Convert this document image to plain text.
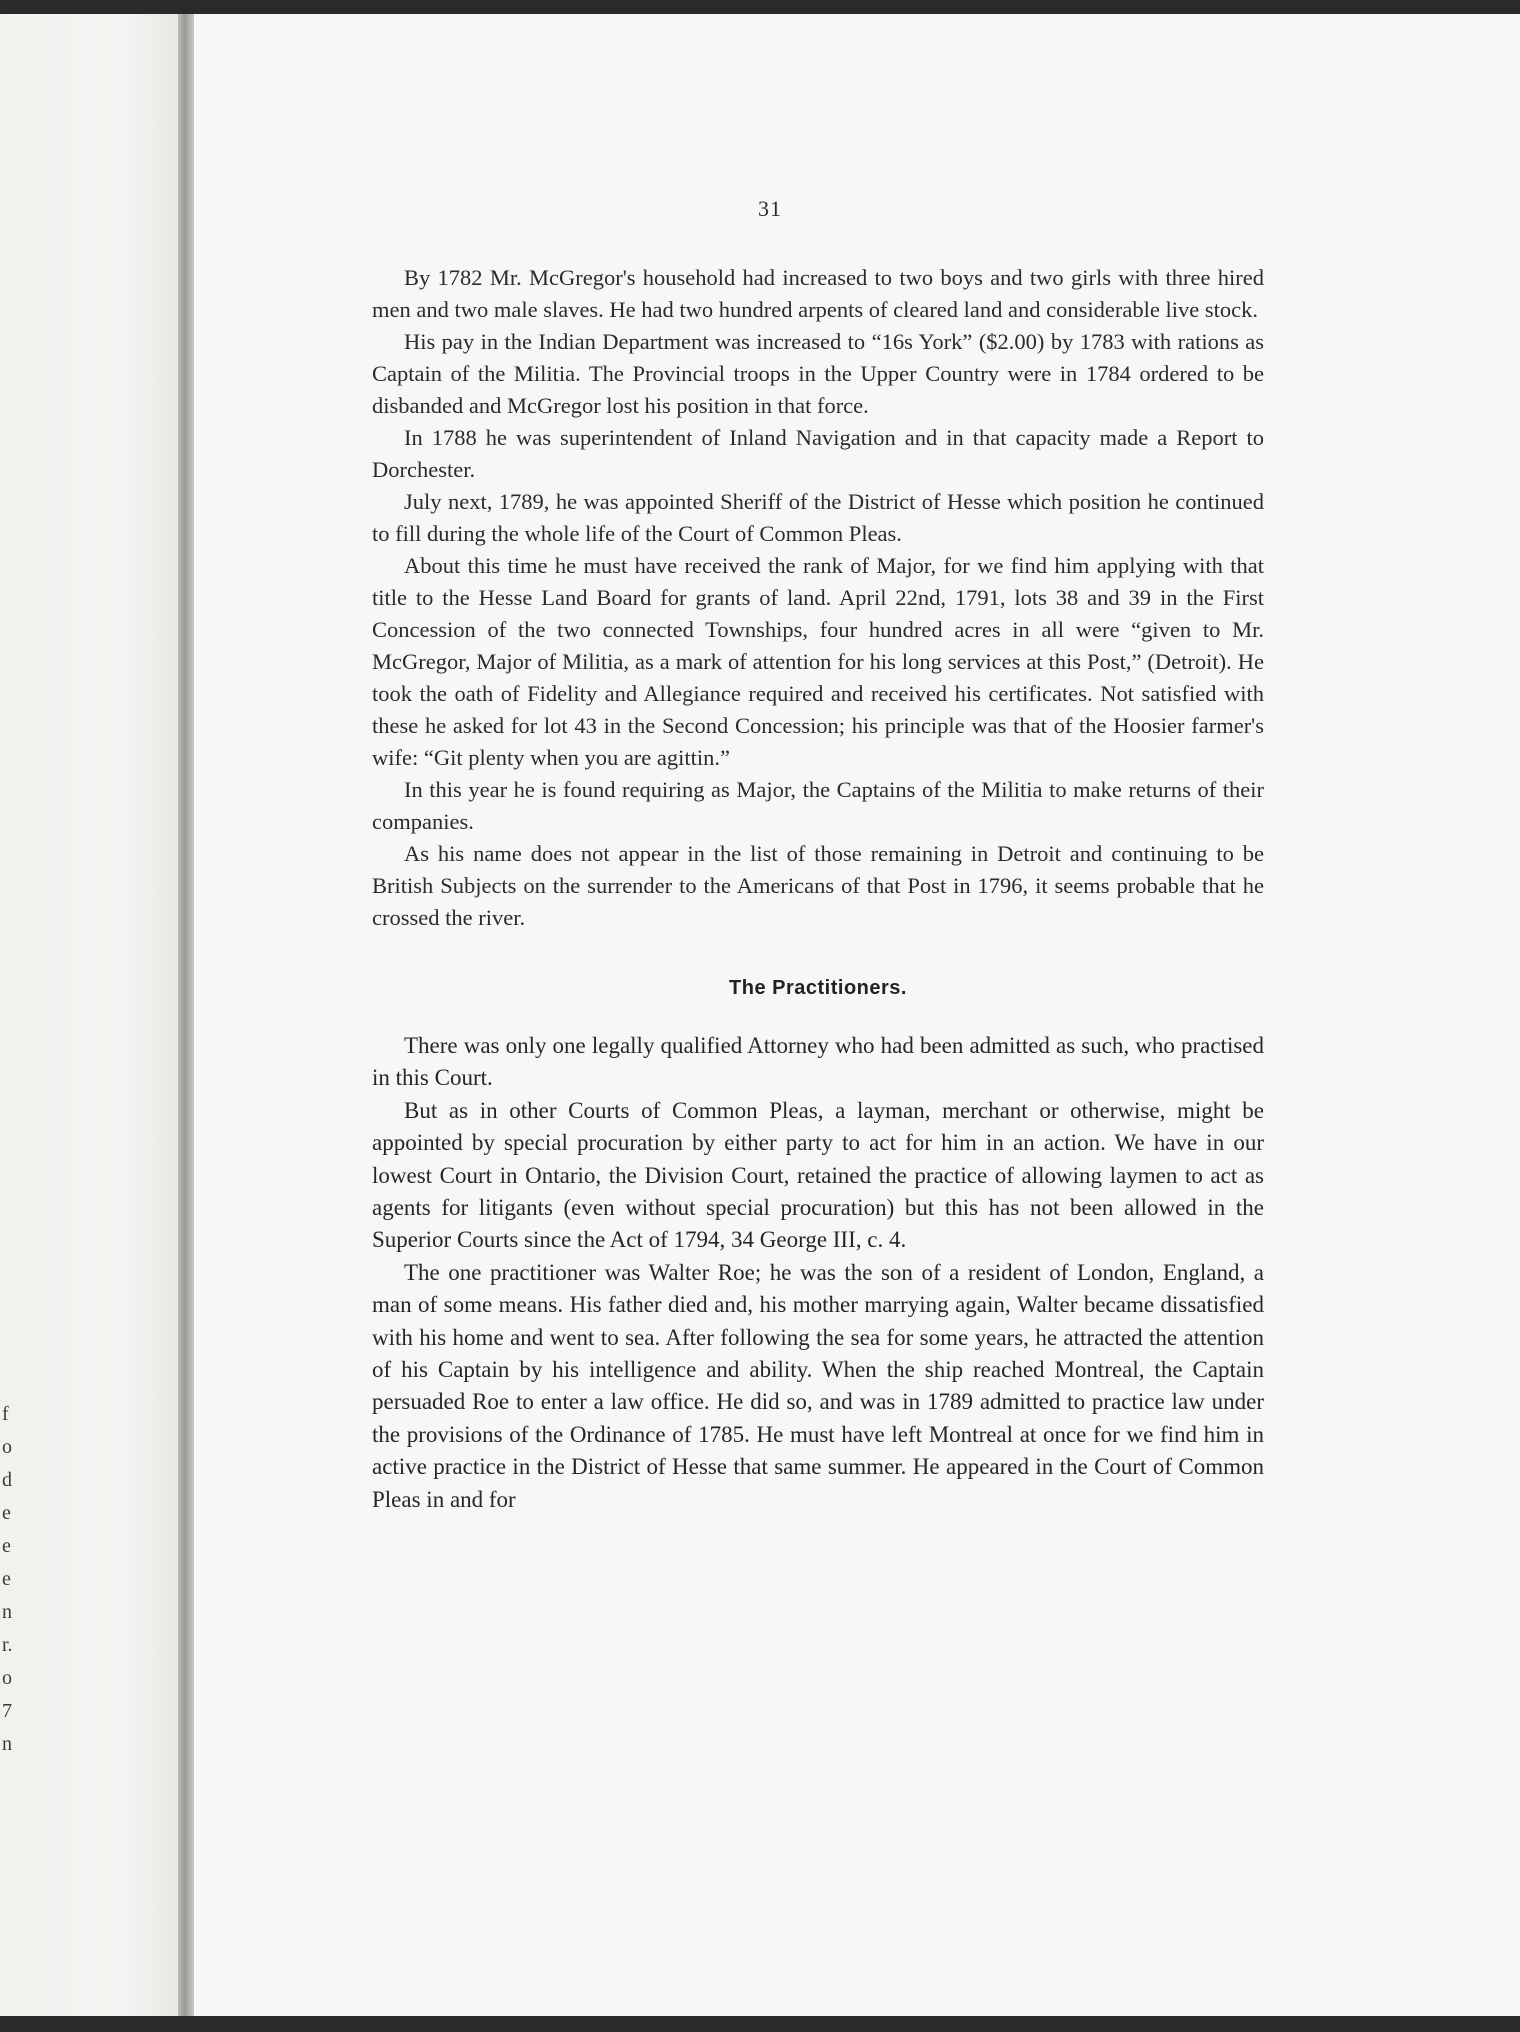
f
o
d
e
e
e
n
r.
o
7
n
31

By 1782 Mr. McGregor's household had increased to two boys and two girls with three hired men and two male slaves. He had two hundred arpents of cleared land and considerable live stock.

His pay in the Indian Department was increased to “16s York” ($2.00) by 1783 with rations as Captain of the Militia. The Provincial troops in the Upper Country were in 1784 ordered to be disbanded and McGregor lost his position in that force.

In 1788 he was superintendent of Inland Navigation and in that capacity made a Report to Dorchester.

July next, 1789, he was appointed Sheriff of the District of Hesse which position he continued to fill during the whole life of the Court of Common Pleas.

About this time he must have received the rank of Major, for we find him applying with that title to the Hesse Land Board for grants of land. April 22nd, 1791, lots 38 and 39 in the First Concession of the two connected Townships, four hundred acres in all were “given to Mr. McGregor, Major of Militia, as a mark of attention for his long services at this Post,” (Detroit). He took the oath of Fidelity and Allegiance required and received his certificates. Not satisfied with these he asked for lot 43 in the Second Concession; his principle was that of the Hoosier farmer's wife: “Git plenty when you are agittin.”

In this year he is found requiring as Major, the Captains of the Militia to make returns of their companies.

As his name does not appear in the list of those remaining in Detroit and continuing to be British Subjects on the surrender to the Americans of that Post in 1796, it seems probable that he crossed the river.

The Practitioners.

There was only one legally qualified Attorney who had been admitted as such, who practised in this Court.

But as in other Courts of Common Pleas, a layman, merchant or otherwise, might be appointed by special procuration by either party to act for him in an action. We have in our lowest Court in Ontario, the Division Court, retained the practice of allowing laymen to act as agents for litigants (even without special procuration) but this has not been allowed in the Superior Courts since the Act of 1794, 34 George III, c. 4.

The one practitioner was Walter Roe; he was the son of a resident of London, England, a man of some means. His father died and, his mother marrying again, Walter became dissatisfied with his home and went to sea. After following the sea for some years, he attracted the attention of his Captain by his intelligence and ability. When the ship reached Montreal, the Captain persuaded Roe to enter a law office. He did so, and was in 1789 admitted to practice law under the provisions of the Ordinance of 1785. He must have left Montreal at once for we find him in active practice in the District of Hesse that same summer. He appeared in the Court of Common Pleas in and for
